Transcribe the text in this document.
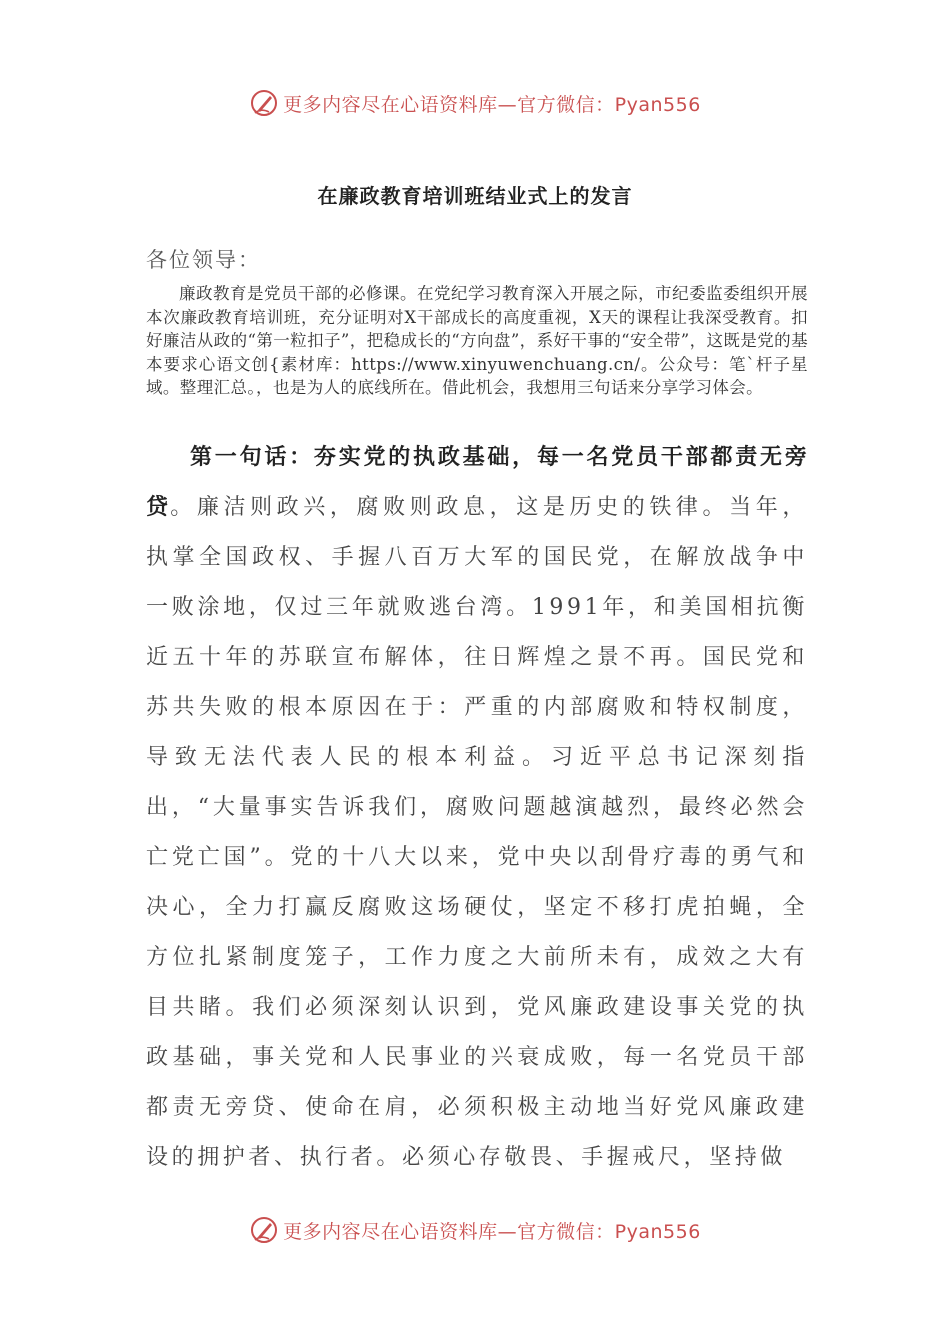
更多内容尽在心语资料库—官方微信：Pyan556
在廉政教育培训班结业式上的发言
各位领导：

廉政教育是党员干部的必修课。在党纪学习教育深入开展之际，市纪委监委组织开展本次廉政教育培训班，充分证明对X干部成长的高度重视，X天的课程让我深受教育。扣好廉洁从政的“第一粒扣子”，把稳成长的“方向盘”，系好干事的“安全带”，这既是党的基本要求心语文创{素材库：https://www.xinyuwenchuang.cn/。公众号：笔`杆子星域。整理汇总。，也是为人的底线所在。借此机会，我想用三句话来分享学习体会。

第一句话：夯实党的执政基础，每一名党员干部都责无旁贷。廉洁则政兴，腐败则政息，这是历史的铁律。当年，执掌全国政权、手握八百万大军的国民党，在解放战争中一败涂地，仅过三年就败逃台湾。1991年，和美国相抗衡近五十年的苏联宣布解体，往日辉煌之景不再。国民党和苏共失败的根本原因在于：严重的内部腐败和特权制度，导致无法代表人民的根本利益。习近平总书记深刻指出，“大量事实告诉我们，腐败问题越演越烈，最终必然会亡党亡国”。党的十八大以来，党中央以刮骨疗毒的勇气和决心，全力打赢反腐败这场硬仗，坚定不移打虎拍蝇，全方位扎紧制度笼子，工作力度之大前所未有，成效之大有目共睹。我们必须深刻认识到，党风廉政建设事关党的执政基础，事关党和人民事业的兴衰成败，每一名党员干部都责无旁贷、使命在肩，必须积极主动地当好党风廉政建设的拥护者、执行者。必须心存敬畏、手握戒尺，坚持做

更多内容尽在心语资料库—官方微信：Pyan556
